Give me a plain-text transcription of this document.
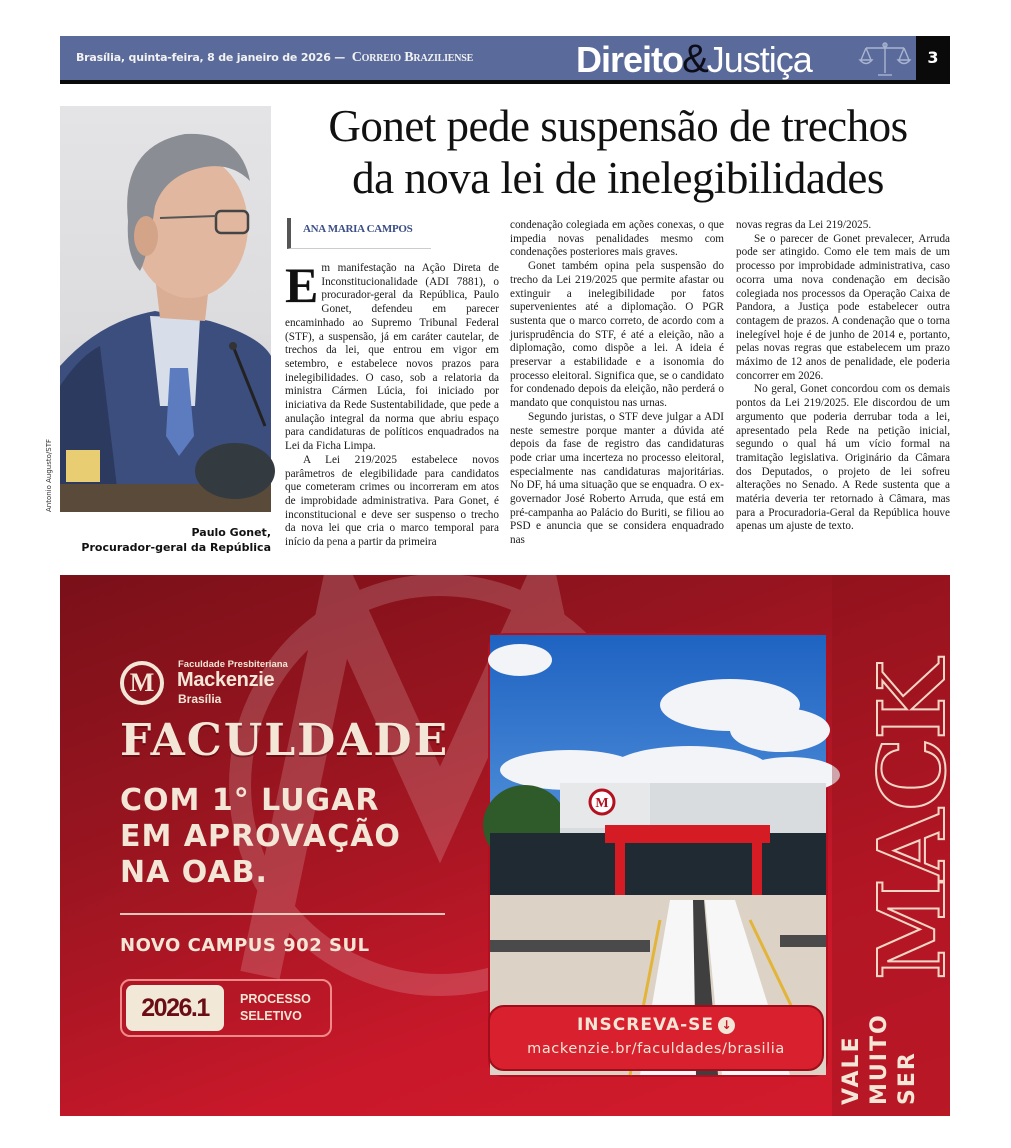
Brasília, quinta-feira, 8 de janeiro de 2026 — Correio Braziliense	Direito&Justiça	3
Antonio Augusto/STF
Paulo Gonet,
Procurador-geral da República
Gonet pede suspensão de trechos
da nova lei de inelegibilidades
ANA MARIA CAMPOS

Em manifestação na Ação Direta de Inconstitucionalidade (ADI 7881), o procurador-geral da República, Paulo Gonet, defendeu em parecer encaminhado ao Supremo Tribunal Federal (STF), a suspensão, já em caráter cautelar, de trechos da lei, que entrou em vigor em setembro, e estabelece novos prazos para inelegibilidades. O caso, sob a relatoria da ministra Cármen Lúcia, foi iniciado por iniciativa da Rede Sustentabilidade, que pede a anulação integral da norma que abriu espaço para candidaturas de políticos enquadrados na Lei da Ficha Limpa.

A Lei 219/2025 estabelece novos parâmetros de elegibilidade para candidatos que cometeram crimes ou incorreram em atos de improbidade administrativa. Para Gonet, é inconstitucional e deve ser suspenso o trecho da nova lei que cria o marco temporal para início da pena a partir da primeira

condenação colegiada em ações conexas, o que impedia novas penalidades mesmo com condenações posteriores mais graves.

Gonet também opina pela suspensão do trecho da Lei 219/2025 que permite afastar ou extinguir a inelegibilidade por fatos supervenientes até a diplomação. O PGR sustenta que o marco correto, de acordo com a jurisprudência do STF, é até a eleição, não a diplomação, como dispõe a lei. A ideia é preservar a estabilidade e a isonomia do processo eleitoral. Significa que, se o candidato for condenado depois da eleição, não perderá o mandato que conquistou nas urnas.

Segundo juristas, o STF deve julgar a ADI neste semestre porque manter a dúvida até depois da fase de registro das candidaturas pode criar uma incerteza no processo eleitoral, especialmente nas candidaturas majoritárias. No DF, há uma situação que se enquadra. O ex-governador José Roberto Arruda, que está em pré-campanha ao Palácio do Buriti, se filiou ao PSD e anuncia que se considera enquadrado nas

novas regras da Lei 219/2025.

Se o parecer de Gonet prevalecer, Arruda pode ser atingido. Como ele tem mais de um processo por improbidade administrativa, caso ocorra uma nova condenação em decisão colegiada nos processos da Operação Caixa de Pandora, a Justiça pode estabelecer outra contagem de prazos. A condenação que o torna inelegível hoje é de junho de 2014 e, portanto, pelas novas regras que estabelecem um prazo máximo de 12 anos de penalidade, ele poderia concorrer em 2026.

No geral, Gonet concordou com os demais pontos da Lei 219/2025. Ele discordou de um argumento que poderia derrubar toda a lei, apresentado pela Rede na petição inicial, segundo o qual há um vício formal na tramitação legislativa. Originário da Câmara dos Deputados, o projeto de lei sofreu alterações no Senado. A Rede sustenta que a matéria deveria ter retornado à Câmara, mas para a Procuradoria-Geral da República houve apenas um ajuste de texto.

M
Faculdade Presbiteriana
Mackenzie
Brasília
FACULDADE
COM 1° LUGAR
EM APROVAÇÃO
NA OAB.
NOVO CAMPUS 902 SUL
2026.1	PROCESSO
SELETIVO
M
INSCREVA-SE ↓
mackenzie.br/faculdades/brasilia
MACK
VALE MUITO SER
